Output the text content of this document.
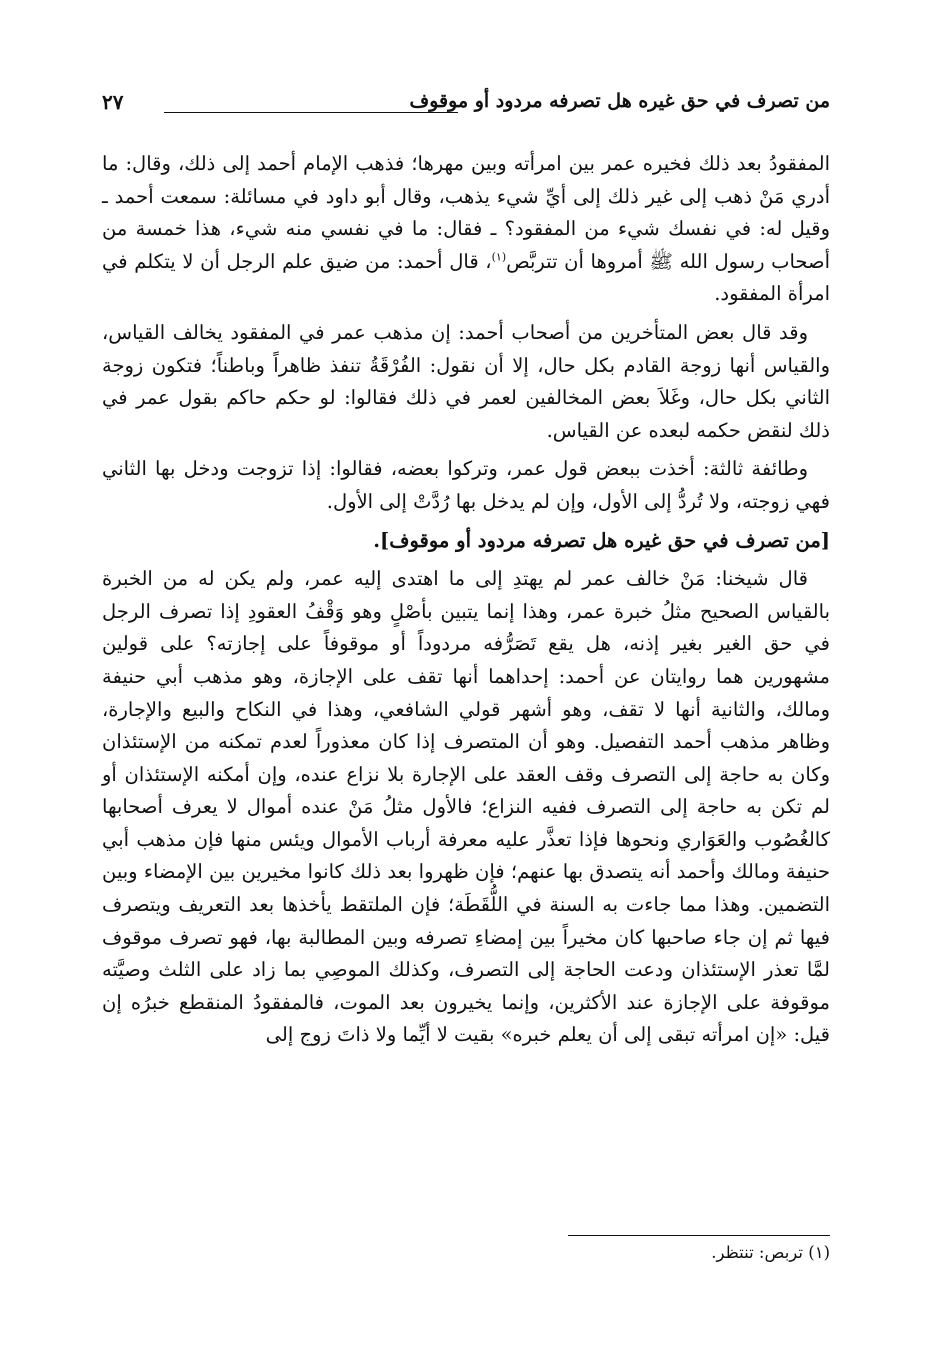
من تصرف في حق غيره هل تصرفه مردود أو موقوف
٢٧

المفقودُ بعد ذلك فخيره عمر بين امرأته وبين مهرها؛ فذهب الإمام أحمد إلى ذلك، وقال: ما أدري مَنْ ذهب إلى غير ذلك إلى أيِّ شيء يذهب، وقال أبو داود في مسائلة: سمعت أحمد ـ وقيل له: في نفسك شيء من المفقود؟ ـ فقال: ما في نفسي منه شيء، هذا خمسة من أصحاب رسول الله ﷺ أمروها أن تتربَّص$^{(١)}$، قال أحمد: من ضيق علم الرجل أن لا يتكلم في امرأة المفقود.

وقد قال بعض المتأخرين من أصحاب أحمد: إن مذهب عمر في المفقود يخالف القياس، والقياس أنها زوجة القادم بكل حال، إلا أن نقول: الفُرْقَةُ تنفذ ظاهراً وباطناً؛ فتكون زوجة الثاني بكل حال، وغَلاَ بعض المخالفين لعمر في ذلك فقالوا: لو حكم حاكم بقول عمر في ذلك لنقض حكمه لبعده عن القياس.

وطائفة ثالثة: أخذت ببعض قول عمر، وتركوا بعضه، فقالوا: إذا تزوجت ودخل بها الثاني فهي زوجته، ولا تُردُّ إلى الأول، وإن لم يدخل بها رُدَّتْ إلى الأول.

[من تصرف في حق غيره هل تصرفه مردود أو موقوف].

قال شيخنا: مَنْ خالف عمر لم يهتدِ إلى ما اهتدى إليه عمر، ولم يكن له من الخبرة بالقياس الصحيح مثلُ خبرة عمر، وهذا إنما يتبين بأصْلٍ وهو وَقْفُ العقودِ إذا تصرف الرجل في حق الغير بغير إذنه، هل يقع تَصَرُّفه مردوداً أو موقوفاً على إجازته؟ على قولين مشهورين هما روايتان عن أحمد: إحداهما أنها تقف على الإجازة، وهو مذهب أبي حنيفة ومالك، والثانية أنها لا تقف، وهو أشهر قولي الشافعي، وهذا في النكاح والبيع والإجارة، وظاهر مذهب أحمد التفصيل. وهو أن المتصرف إذا كان معذوراً لعدم تمكنه من الإستئذان وكان به حاجة إلى التصرف وقف العقد على الإجارة بلا نزاع عنده، وإن أمكنه الإستئذان أو لم تكن به حاجة إلى التصرف ففيه النزاع؛ فالأول مثلُ مَنْ عنده أموال لا يعرف أصحابها كالغُصُوب والعَوَاري ونحوها فإذا تعذَّر عليه معرفة أرباب الأموال ويئس منها فإن مذهب أبي حنيفة ومالك وأحمد أنه يتصدق بها عنهم؛ فإن ظهروا بعد ذلك كانوا مخيرين بين الإمضاء وبين التضمين. وهذا مما جاءت به السنة في اللُّقَطَة؛ فإن الملتقط يأخذها بعد التعريف ويتصرف فيها ثم إن جاء صاحبها كان مخيراً بين إمضاءِ تصرفه وبين المطالبة بها، فهو تصرف موقوف لمَّا تعذر الإستئذان ودعت الحاجة إلى التصرف، وكذلك الموصِي بما زاد على الثلث وصيَّته موقوفة على الإجازة عند الأكثرين، وإنما يخيرون بعد الموت، فالمفقودُ المنقطع خبرُه إن قيل: «إن امرأته تبقى إلى أن يعلم خبره» بقيت لا أيِّما ولا ذاتَ زوج إلى

(١) تربص: تنتظر.
